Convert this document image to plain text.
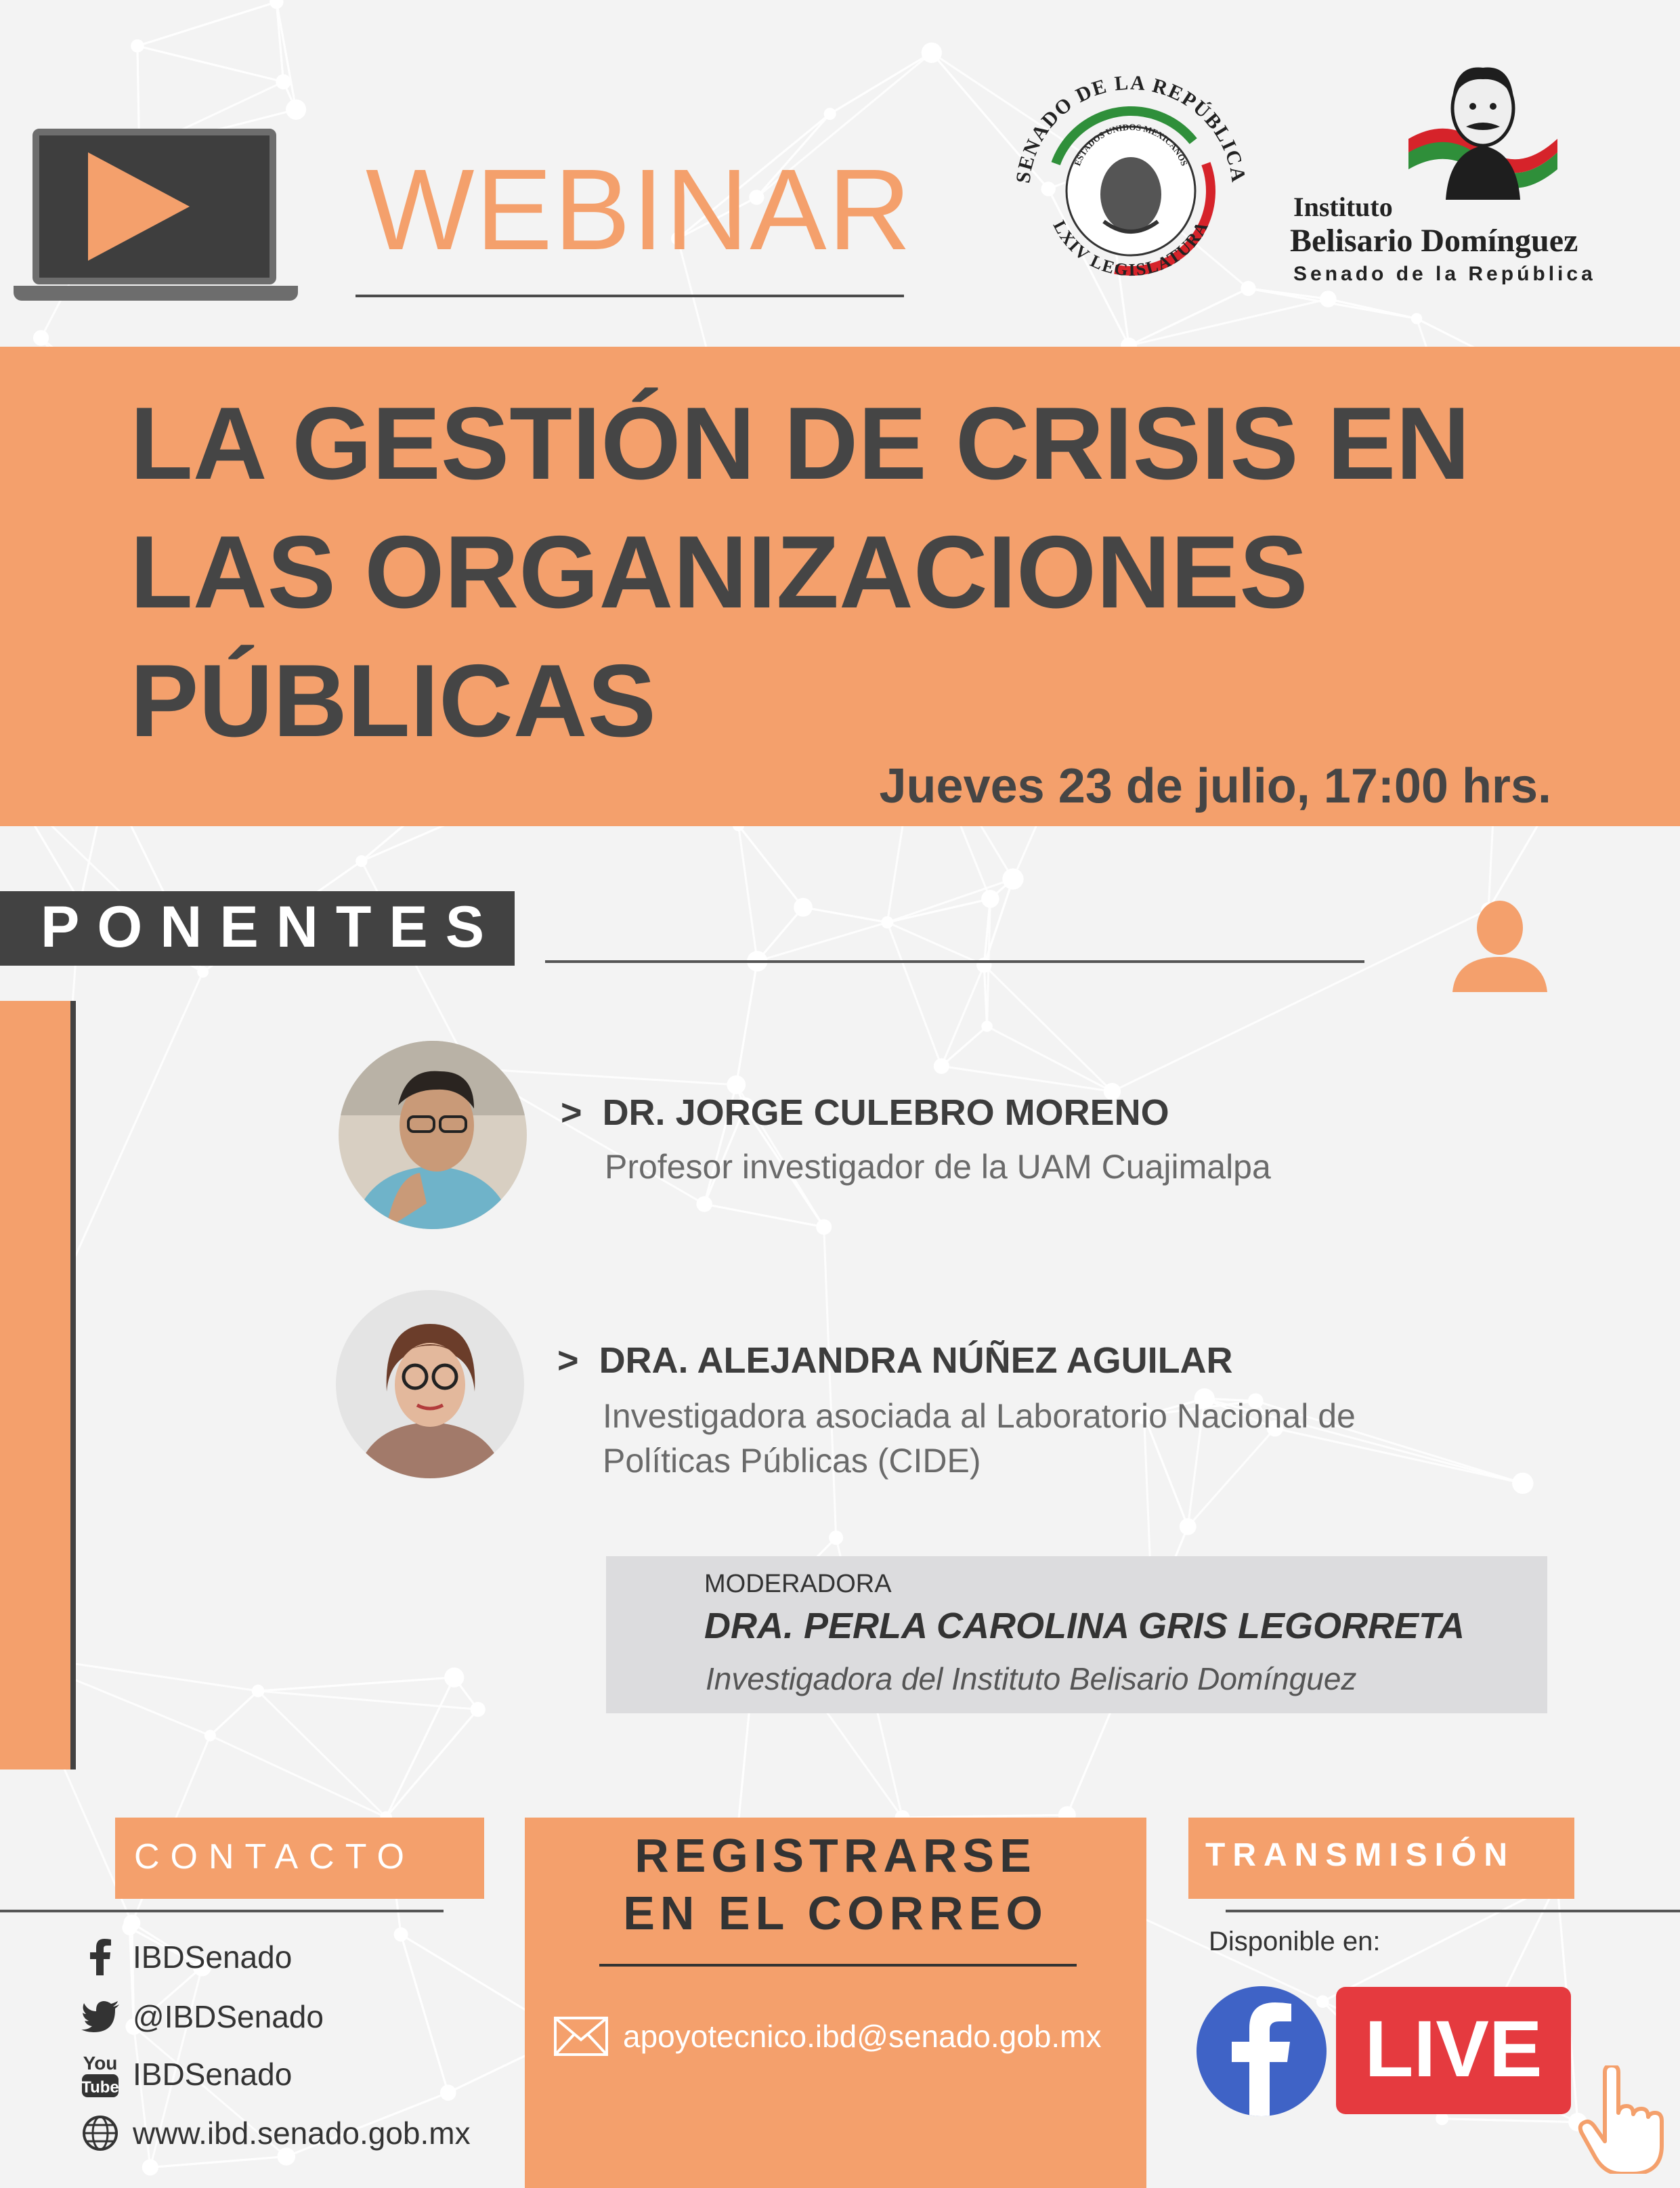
WEBINAR	SENADO DE LA REPÚBLICA
LXIV LEGISLATURA
ESTADOS UNIDOS MEXICANOS
Instituto
Belisario Domínguez
Senado de la República
LA GESTIÓN DE CRISIS EN
LAS ORGANIZACIONES
PÚBLICAS
Jueves 23 de julio, 17:00 hrs.
PONENTES
> DR. JORGE CULEBRO MORENO
Profesor investigador de la UAM Cuajimalpa
> DRA. ALEJANDRA NÚÑEZ AGUILAR
Investigadora asociada al Laboratorio Nacional de
Políticas Públicas (CIDE)
MODERADORA
DRA. PERLA CAROLINA GRIS LEGORRETA
Investigadora del Instituto Belisario Domínguez
CONTACTO
IBDSenado
@IBDSenado
You
Tube IBDSenado
www.ibd.senado.gob.mx
REGISTRARSE
EN EL CORREO
apoyotecnico.ibd@senado.gob.mx
TRANSMISIÓN
Disponible en:
LIVE
